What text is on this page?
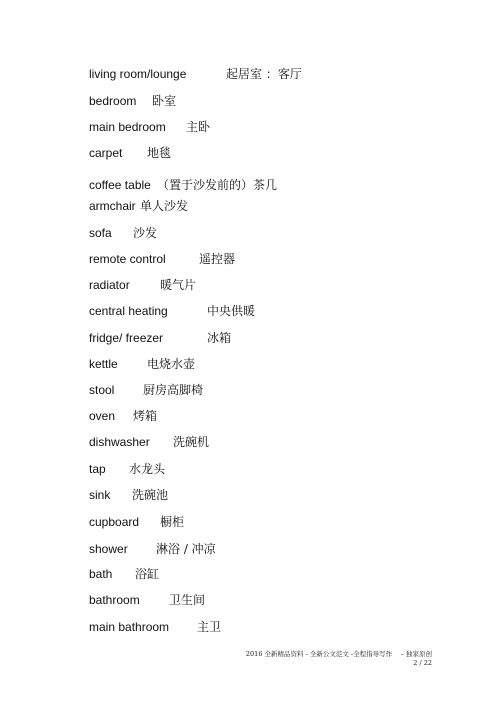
living room/lounge	起居室 ：客厅
bedroom 卧室
main bedroom 主卧
carpet 地毯
coffee table （置于沙发前的）茶几
armchair 单人沙发
sofa 沙发
remote control	遥控器
radiator	暖气片
central heating	中央供暖
fridge/ freezer	冰箱
kettle 电烧水壶
stool 厨房高脚椅
oven 烤箱
dishwasher 洗碗机
tap 水龙头
sink 洗碗池
cupboard 橱柜
shower 淋浴 / 冲凉
bath 浴缸
bathroom 卫生间
main bathroom 主卫
2016 全新精品资料 - 全新公文范文 -全程指导写作　 – 独家原创
2 / 22
